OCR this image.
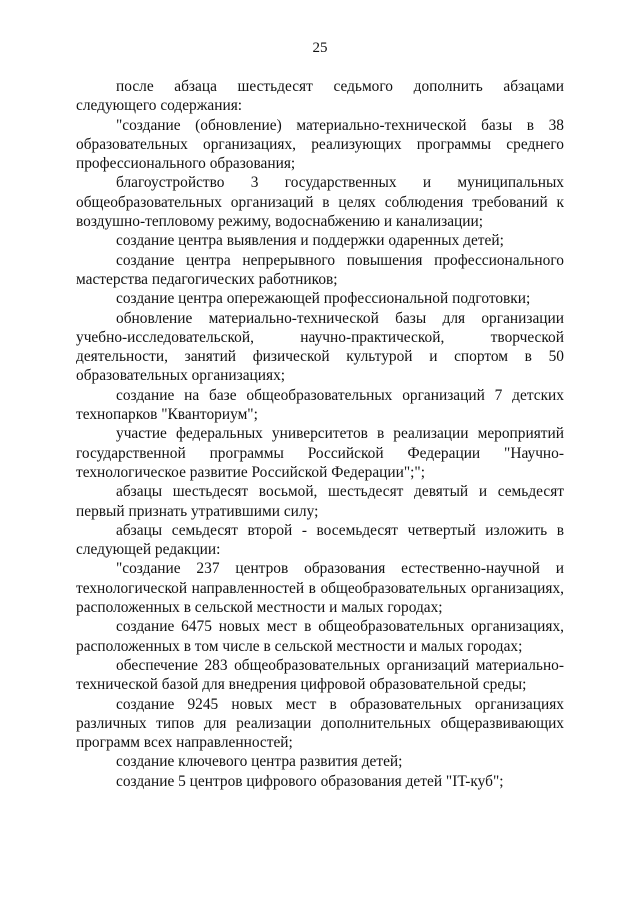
25

после абзаца шестьдесят седьмого дополнить абзацами следующего содержания:

"создание (обновление) материально-технической базы в 38 образовательных организациях, реализующих программы среднего профессионального образования;

благоустройство 3 государственных и муниципальных общеобразовательных организаций в целях соблюдения требований к воздушно-тепловому режиму, водоснабжению и канализации;

создание центра выявления и поддержки одаренных детей;

создание центра непрерывного повышения профессионального мастерства педагогических работников;

создание центра опережающей профессиональной подготовки;

обновление материально-технической базы для организации учебно-исследовательской, научно-практической, творческой деятельности, занятий физической культурой и спортом в 50 образовательных организациях;

создание на базе общеобразовательных организаций 7 детских технопарков "Кванториум";

участие федеральных университетов в реализации мероприятий государственной программы Российской Федерации "Научно-технологическое развитие Российской Федерации";";

абзацы шестьдесят восьмой, шестьдесят девятый и семьдесят первый признать утратившими силу;

абзацы семьдесят второй - восемьдесят четвертый изложить в следующей редакции:

"создание 237 центров образования естественно-научной и технологической направленностей в общеобразовательных организациях, расположенных в сельской местности и малых городах;

создание 6475 новых мест в общеобразовательных организациях, расположенных в том числе в сельской местности и малых городах;

обеспечение 283 общеобразовательных организаций материально-технической базой для внедрения цифровой образовательной среды;

создание 9245 новых мест в образовательных организациях различных типов для реализации дополнительных общеразвивающих программ всех направленностей;

создание ключевого центра развития детей;

создание 5 центров цифрового образования детей "IT-куб";
